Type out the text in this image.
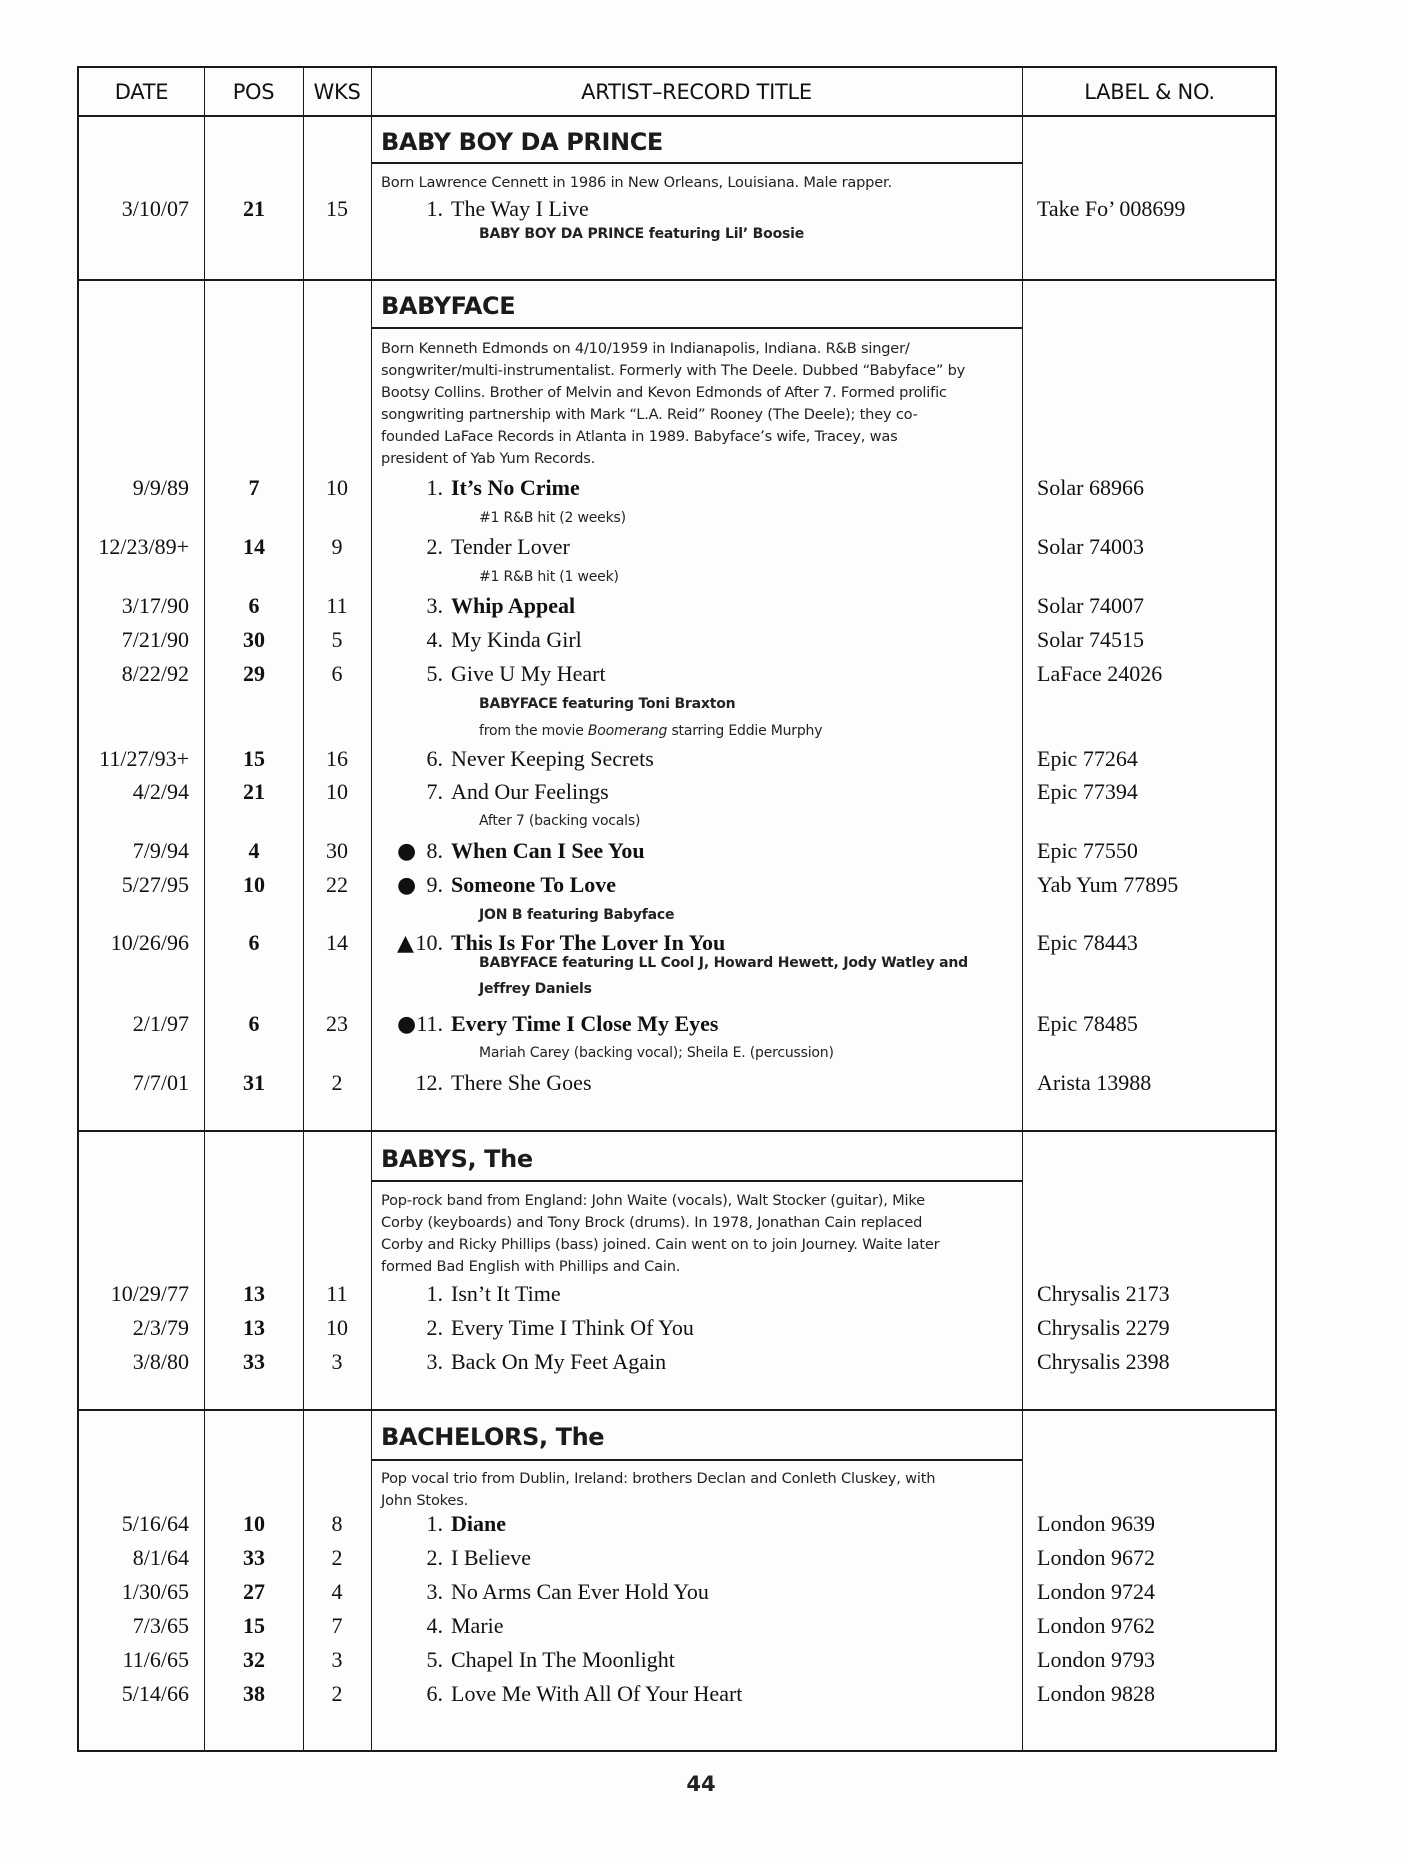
DATE	POS	WKS	ARTIST–RECORD TITLE	LABEL & NO.
BABY BOY DA PRINCE
Born Lawrence Cennett in 1986 in New Orleans, Louisiana. Male rapper.
3/10/07	21	15	1. The Way I Live	Take Fo’ 008699
BABY BOY DA PRINCE featuring Lil’ Boosie
BABYFACE
Born Kenneth Edmonds on 4/10/1959 in Indianapolis, Indiana. R&B singer/
songwriter/multi-instrumentalist. Formerly with The Deele. Dubbed “Babyface” by
Bootsy Collins. Brother of Melvin and Kevon Edmonds of After 7. Formed prolific
songwriting partnership with Mark “L.A. Reid” Rooney (The Deele); they co-
founded LaFace Records in Atlanta in 1989. Babyface’s wife, Tracey, was
president of Yab Yum Records.
9/9/89	7	10	1. It’s No Crime	Solar 68966
#1 R&B hit (2 weeks)
12/23/89+	14	9	2. Tender Lover	Solar 74003
#1 R&B hit (1 week)
3/17/90	6	11	3. Whip Appeal	Solar 74007
7/21/90	30	5	4. My Kinda Girl	Solar 74515
8/22/92	29	6	5. Give U My Heart	LaFace 24026
BABYFACE featuring Toni Braxton
from the movie Boomerang starring Eddie Murphy
11/27/93+	15	16	6. Never Keeping Secrets	Epic 77264
4/2/94	21	10	7. And Our Feelings	Epic 77394
After 7 (backing vocals)
7/9/94	4	30	● 8. When Can I See You	Epic 77550
5/27/95	10	22	● 9. Someone To Love	Yab Yum 77895
JON B featuring Babyface
10/26/96	6	14	▲ 10. This Is For The Lover In You	Epic 78443
BABYFACE featuring LL Cool J, Howard Hewett, Jody Watley and
Jeffrey Daniels
2/1/97	6	23	● 11. Every Time I Close My Eyes	Epic 78485
Mariah Carey (backing vocal); Sheila E. (percussion)
7/7/01	31	2	12. There She Goes	Arista 13988
BABYS, The
Pop-rock band from England: John Waite (vocals), Walt Stocker (guitar), Mike
Corby (keyboards) and Tony Brock (drums). In 1978, Jonathan Cain replaced
Corby and Ricky Phillips (bass) joined. Cain went on to join Journey. Waite later
formed Bad English with Phillips and Cain.
10/29/77	13	11	1. Isn’t It Time	Chrysalis 2173
2/3/79	13	10	2. Every Time I Think Of You	Chrysalis 2279
3/8/80	33	3	3. Back On My Feet Again	Chrysalis 2398
BACHELORS, The
Pop vocal trio from Dublin, Ireland: brothers Declan and Conleth Cluskey, with
John Stokes.
5/16/64	10	8	1. Diane	London 9639
8/1/64	33	2	2. I Believe	London 9672
1/30/65	27	4	3. No Arms Can Ever Hold You	London 9724
7/3/65	15	7	4. Marie	London 9762
11/6/65	32	3	5. Chapel In The Moonlight	London 9793
5/14/66	38	2	6. Love Me With All Of Your Heart	London 9828
44
